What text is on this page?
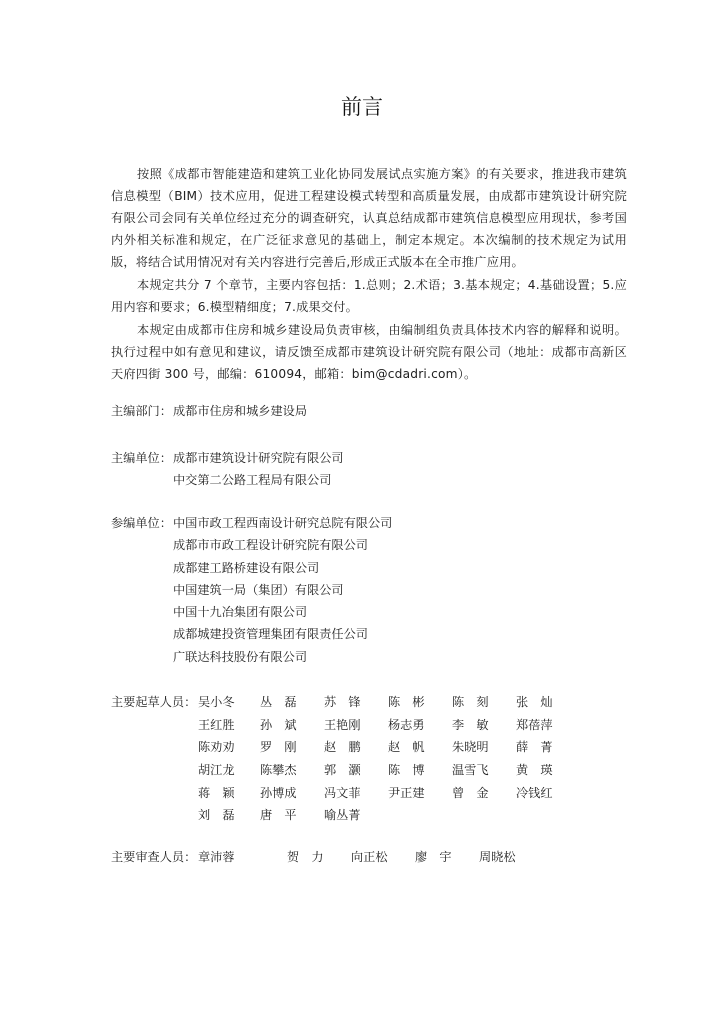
前言

按照《成都市智能建造和建筑工业化协同发展试点实施方案》的有关要求，推进我市建筑信息模型（BIM）技术应用，促进工程建设模式转型和高质量发展，由成都市建筑设计研究院有限公司会同有关单位经过充分的调查研究，认真总结成都市建筑信息模型应用现状，参考国内外相关标准和规定，在广泛征求意见的基础上，制定本规定。本次编制的技术规定为试用版，将结合试用情况对有关内容进行完善后,形成正式版本在全市推广应用。

本规定共分 7 个章节，主要内容包括：1.总则；2.术语；3.基本规定；4.基础设置；5.应用内容和要求；6.模型精细度；7.成果交付。

本规定由成都市住房和城乡建设局负责审核，由编制组负责具体技术内容的解释和说明。执行过程中如有意见和建议，请反馈至成都市建筑设计研究院有限公司（地址：成都市高新区天府四街 300 号，邮编：610094，邮箱：bim@cdadri.com）。

主编部门： 成都市住房和城乡建设局
主编单位： 成都市建筑设计研究院有限公司
中交第二公路工程局有限公司
参编单位： 中国市政工程西南设计研究总院有限公司
成都市市政工程设计研究院有限公司
成都建工路桥建设有限公司
中国建筑一局（集团）有限公司
中国十九冶集团有限公司
成都城建投资管理集团有限责任公司
广联达科技股份有限公司
主要起草人员： 吴小冬	丛　磊	苏　锋	陈　彬	陈　刻	张　灿
王红胜	孙　斌	王艳刚	杨志勇	李　敏	郑蓓萍
陈劝劝	罗　刚	赵　鹏	赵　帆	朱晓明	薛　菁
胡江龙	陈攀杰	郭　灏	陈　博	温雪飞	黄　瑛
蒋　颖	孙博成	冯文菲	尹正建	曾　金	冷钱红
刘　磊	唐　平	喻丛菁
主要审查人员： 章沛蓉	贺　力	向正松	廖　宇	周晓松
